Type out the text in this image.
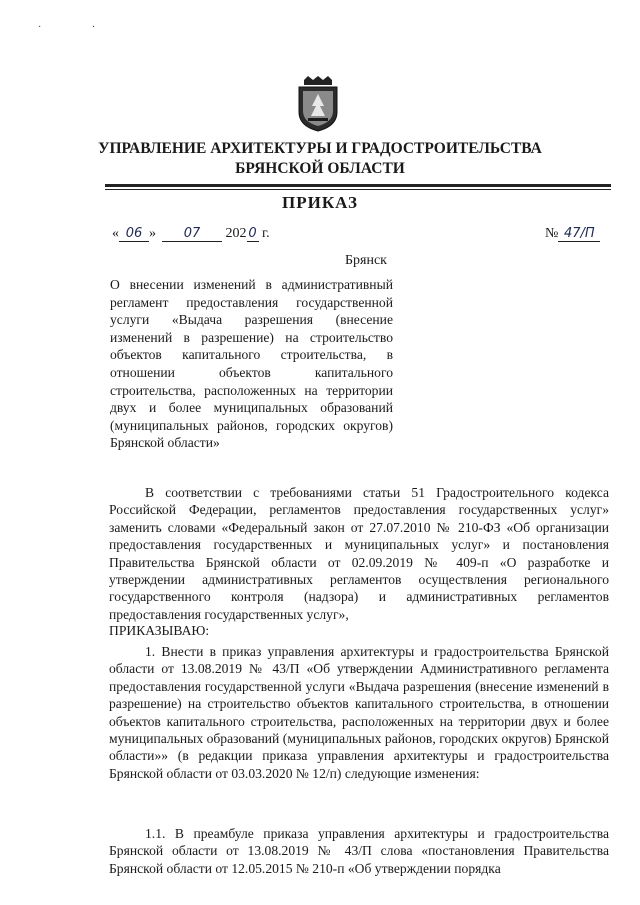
· ·
УПРАВЛЕНИЕ АРХИТЕКТУРЫ И ГРАДОСТРОИТЕЛЬСТВА
БРЯНСКОЙ ОБЛАСТИ
ПРИКАЗ
« 06 » 07 202 0 г.	№ 47/П
Брянск
О внесении изменений в административный регламент предоставления государственной услуги «Выдача разрешения (внесение изменений в разрешение) на строительство объектов капитального строительства, в отношении объектов капитального строительства, расположенных на территории двух и более муниципальных образований (муниципальных районов, городских округов) Брянской области»

В соответствии с требованиями статьи 51 Градостроительного кодекса Российской Федерации, регламентов предоставления государственных услуг» заменить словами «Федеральный закон от 27.07.2010 № 210-ФЗ «Об организации предоставления государственных и муниципальных услуг» и постановления Правительства Брянской области от 02.09.2019 № 409-п «О разработке и утверждении административных регламентов осуществления регионального государственного контроля (надзора) и административных регламентов предоставления государственных услуг»,

ПРИКАЗЫВАЮ:

1. Внести в приказ управления архитектуры и градостроительства Брянской области от 13.08.2019 № 43/П «Об утверждении Административного регламента предоставления государственной услуги «Выдача разрешения (внесение изменений в разрешение) на строительство объектов капитального строительства, в отношении объектов капитального строительства, расположенных на территории двух и более муниципальных образований (муниципальных районов, городских округов) Брянской области»» (в редакции приказа управления архитектуры и градостроительства Брянской области от 03.03.2020 № 12/п) следующие изменения:

1.1. В преамбуле приказа управления архитектуры и градостроительства Брянской области от 13.08.2019 № 43/П слова «постановления Правительства Брянской области от 12.05.2015 № 210-п «Об утверждении порядка
